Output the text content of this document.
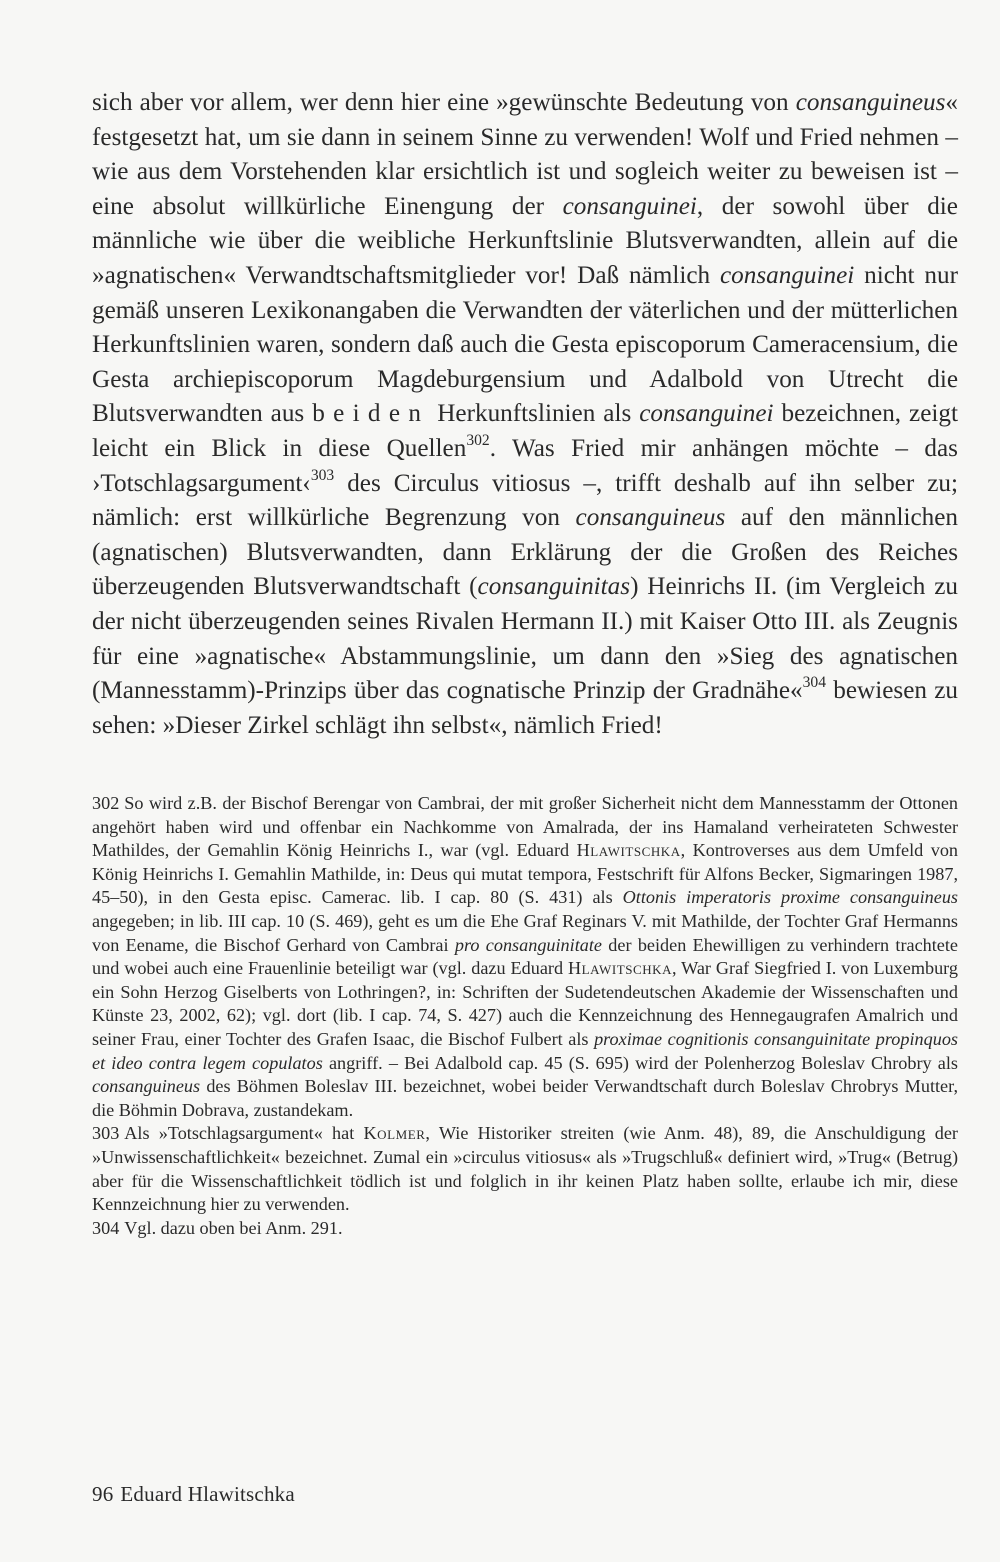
sich aber vor allem, wer denn hier eine »gewünschte Bedeutung von consanguineus« festgesetzt hat, um sie dann in seinem Sinne zu verwenden! Wolf und Fried nehmen – wie aus dem Vorstehenden klar ersichtlich ist und sogleich weiter zu beweisen ist – eine absolut willkürliche Einengung der consanguinei, der sowohl über die männliche wie über die weibliche Herkunftslinie Blutsverwandten, allein auf die »agnatischen« Verwandtschaftsmitglieder vor! Daß nämlich consanguinei nicht nur gemäß unseren Lexikonangaben die Verwandten der väterlichen und der mütterlichen Herkunftslinien waren, sondern daß auch die Gesta episcoporum Cameracensium, die Gesta archiepiscoporum Magdeburgensium und Adalbold von Utrecht die Blutsverwandten aus beiden Herkunftslinien als consanguinei bezeichnen, zeigt leicht ein Blick in diese Quellen$^{302}$. Was Fried mir anhängen möchte – das ›Totschlagsargument‹$^{303}$ des Circulus vitiosus –, trifft deshalb auf ihn selber zu; nämlich: erst willkürliche Begrenzung von consanguineus auf den männlichen (agnatischen) Blutsverwandten, dann Erklärung der die Großen des Reiches überzeugenden Blutsverwandtschaft (consanguinitas) Heinrichs II. (im Vergleich zu der nicht überzeugenden seines Rivalen Hermann II.) mit Kaiser Otto III. als Zeugnis für eine »agnatische« Abstammungslinie, um dann den »Sieg des agnatischen (Mannesstamm)-Prinzips über das cognatische Prinzip der Gradnähe«$^{304}$ bewiesen zu sehen: »Dieser Zirkel schlägt ihn selbst«, nämlich Fried!

302 So wird z.B. der Bischof Berengar von Cambrai, der mit großer Sicherheit nicht dem Mannesstamm der Ottonen angehört haben wird und offenbar ein Nachkomme von Amalrada, der ins Hamaland verheirateten Schwester Mathildes, der Gemahlin König Heinrichs I., war (vgl. Eduard Hlawitschka, Kontroverses aus dem Umfeld von König Heinrichs I. Gemahlin Mathilde, in: Deus qui mutat tempora, Festschrift für Alfons Becker, Sigmaringen 1987, 45–50), in den Gesta episc. Camerac. lib. I cap. 80 (S. 431) als Ottonis imperatoris proxime consanguineus angegeben; in lib. III cap. 10 (S. 469), geht es um die Ehe Graf Reginars V. mit Mathilde, der Tochter Graf Hermanns von Eename, die Bischof Gerhard von Cambrai pro consanguinitate der beiden Ehewilligen zu verhindern trachtete und wobei auch eine Frauenlinie beteiligt war (vgl. dazu Eduard Hlawitschka, War Graf Siegfried I. von Luxemburg ein Sohn Herzog Giselberts von Lothringen?, in: Schriften der Sudetendeutschen Akademie der Wissenschaften und Künste 23, 2002, 62); vgl. dort (lib. I cap. 74, S. 427) auch die Kennzeichnung des Hennegaugrafen Amalrich und seiner Frau, einer Tochter des Grafen Isaac, die Bischof Fulbert als proximae cognitionis consanguinitate propinquos et ideo contra legem copulatos angriff. – Bei Adalbold cap. 45 (S. 695) wird der Polenherzog Boleslav Chrobry als consanguineus des Böhmen Boleslav III. bezeichnet, wobei beider Verwandtschaft durch Boleslav Chrobrys Mutter, die Böhmin Dobrava, zustandekam.

303 Als »Totschlagsargument« hat Kolmer, Wie Historiker streiten (wie Anm. 48), 89, die Anschuldigung der »Unwissenschaftlichkeit« bezeichnet. Zumal ein »circulus vitiosus« als »Trugschluß« definiert wird, »Trug« (Betrug) aber für die Wissenschaftlichkeit tödlich ist und folglich in ihr keinen Platz haben sollte, erlaube ich mir, diese Kennzeichnung hier zu verwenden.

304 Vgl. dazu oben bei Anm. 291.

96 Eduard Hlawitschka
